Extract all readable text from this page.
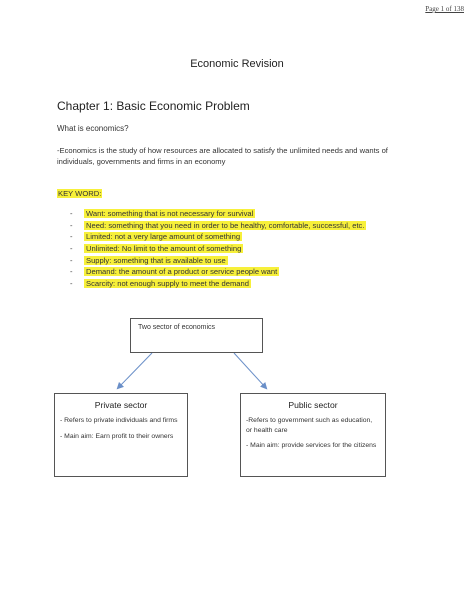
Page 1 of 138
Economic Revision
Chapter 1: Basic Economic Problem
What is economics?
-Economics is the study of how resources are allocated to satisfy the unlimited needs and wants of individuals, governments and firms in an economy
KEY WORD:
-	Want: something that is not necessary for survival
-	Need: something that you need in order to be healthy, comfortable, successful, etc.
-	Limited: not a very large amount of something
-	Unlimited: No limit to the amount of something
-	Supply: something that is available to use
-	Demand: the amount of a product or service people want
-	Scarcity: not enough supply to meet the demand
Two sector of economics
Private sector
- Refers to private individuals and firms
- Main aim: Earn profit to their owners
Public sector
-Refers to government such as education, or health care
- Main aim: provide services for the citizens
